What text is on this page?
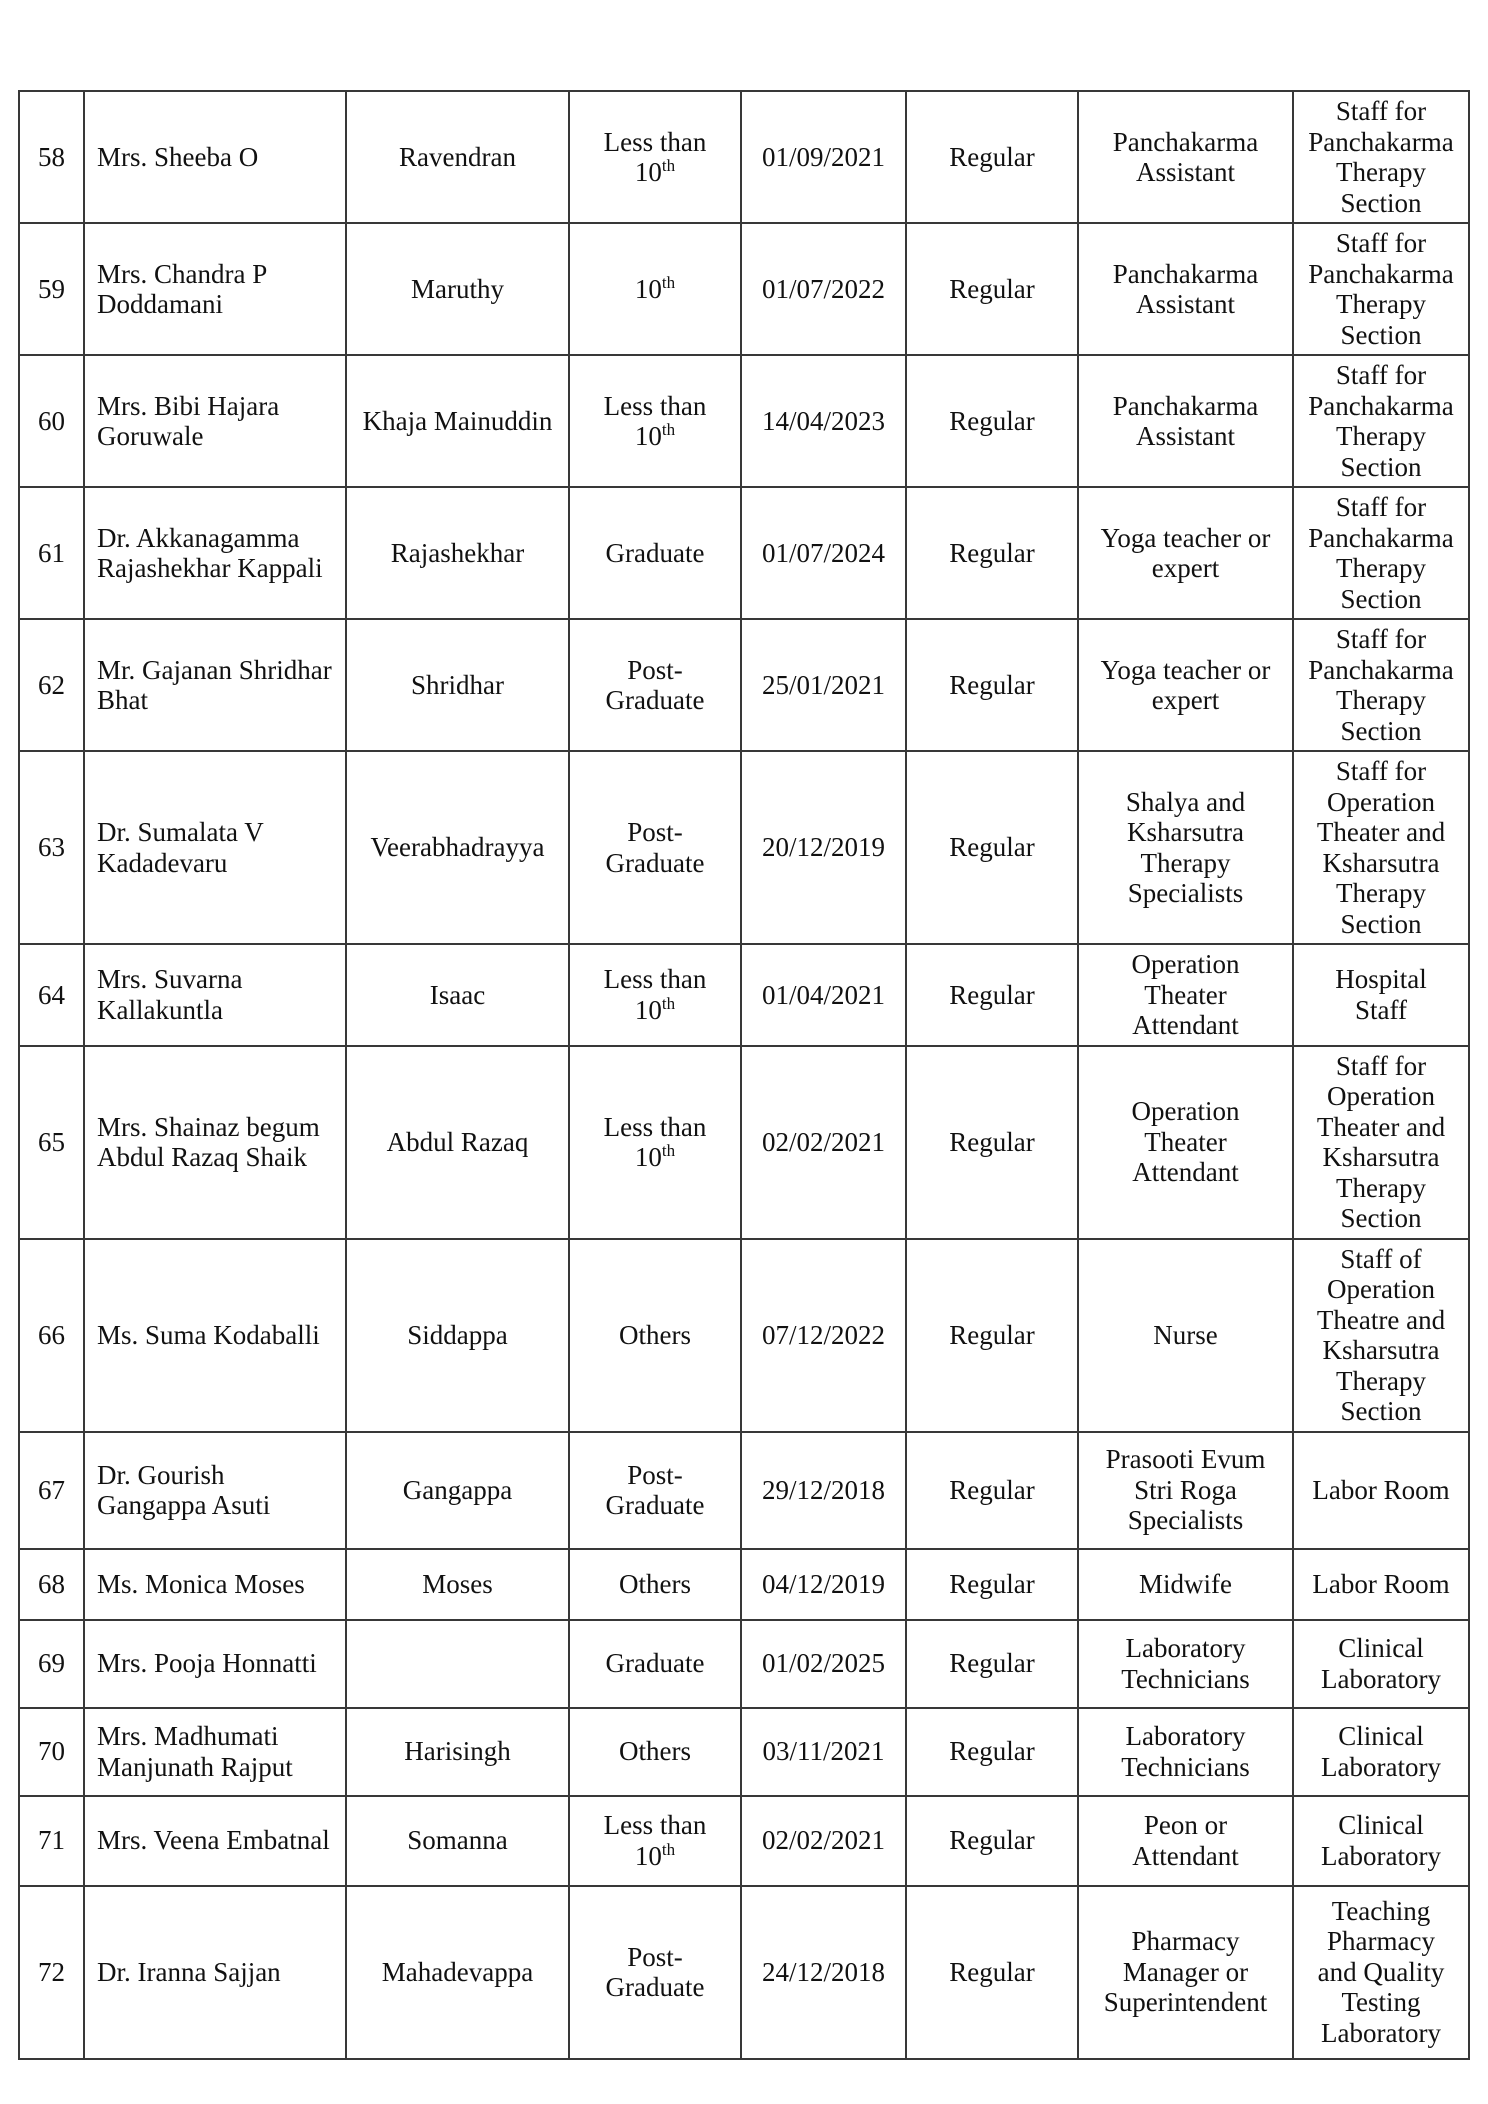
58	Mrs. Sheeba O	Ravendran	Less than 10th	01/09/2021	Regular	Panchakarma Assistant	Staff for Panchakarma Therapy Section
59	Mrs. Chandra P Doddamani	Maruthy	10th	01/07/2022	Regular	Panchakarma Assistant	Staff for Panchakarma Therapy Section
60	Mrs. Bibi Hajara Goruwale	Khaja Mainuddin	Less than 10th	14/04/2023	Regular	Panchakarma Assistant	Staff for Panchakarma Therapy Section
61	Dr. Akkanagamma Rajashekhar Kappali	Rajashekhar	Graduate	01/07/2024	Regular	Yoga teacher or expert	Staff for Panchakarma Therapy Section
62	Mr. Gajanan Shridhar Bhat	Shridhar	Post-Graduate	25/01/2021	Regular	Yoga teacher or expert	Staff for Panchakarma Therapy Section
63	Dr. Sumalata V Kadadevaru	Veerabhadrayya	Post-Graduate	20/12/2019	Regular	Shalya and Ksharsutra Therapy Specialists	Staff for Operation Theater and Ksharsutra Therapy Section
64	Mrs. Suvarna Kallakuntla	Isaac	Less than 10th	01/04/2021	Regular	Operation Theater Attendant	Hospital Staff
65	Mrs. Shainaz begum Abdul Razaq Shaik	Abdul Razaq	Less than 10th	02/02/2021	Regular	Operation Theater Attendant	Staff for Operation Theater and Ksharsutra Therapy Section
66	Ms. Suma Kodaballi	Siddappa	Others	07/12/2022	Regular	Nurse	Staff of Operation Theatre and Ksharsutra Therapy Section
67	Dr. Gourish Gangappa Asuti	Gangappa	Post-Graduate	29/12/2018	Regular	Prasooti Evum Stri Roga Specialists	Labor Room
68	Ms. Monica Moses	Moses	Others	04/12/2019	Regular	Midwife	Labor Room
69	Mrs. Pooja Honnatti		Graduate	01/02/2025	Regular	Laboratory Technicians	Clinical Laboratory
70	Mrs. Madhumati Manjunath Rajput	Harisingh	Others	03/11/2021	Regular	Laboratory Technicians	Clinical Laboratory
71	Mrs. Veena Embatnal	Somanna	Less than 10th	02/02/2021	Regular	Peon or Attendant	Clinical Laboratory
72	Dr. Iranna Sajjan	Mahadevappa	Post-Graduate	24/12/2018	Regular	Pharmacy Manager or Superintendent	Teaching Pharmacy and Quality Testing Laboratory
